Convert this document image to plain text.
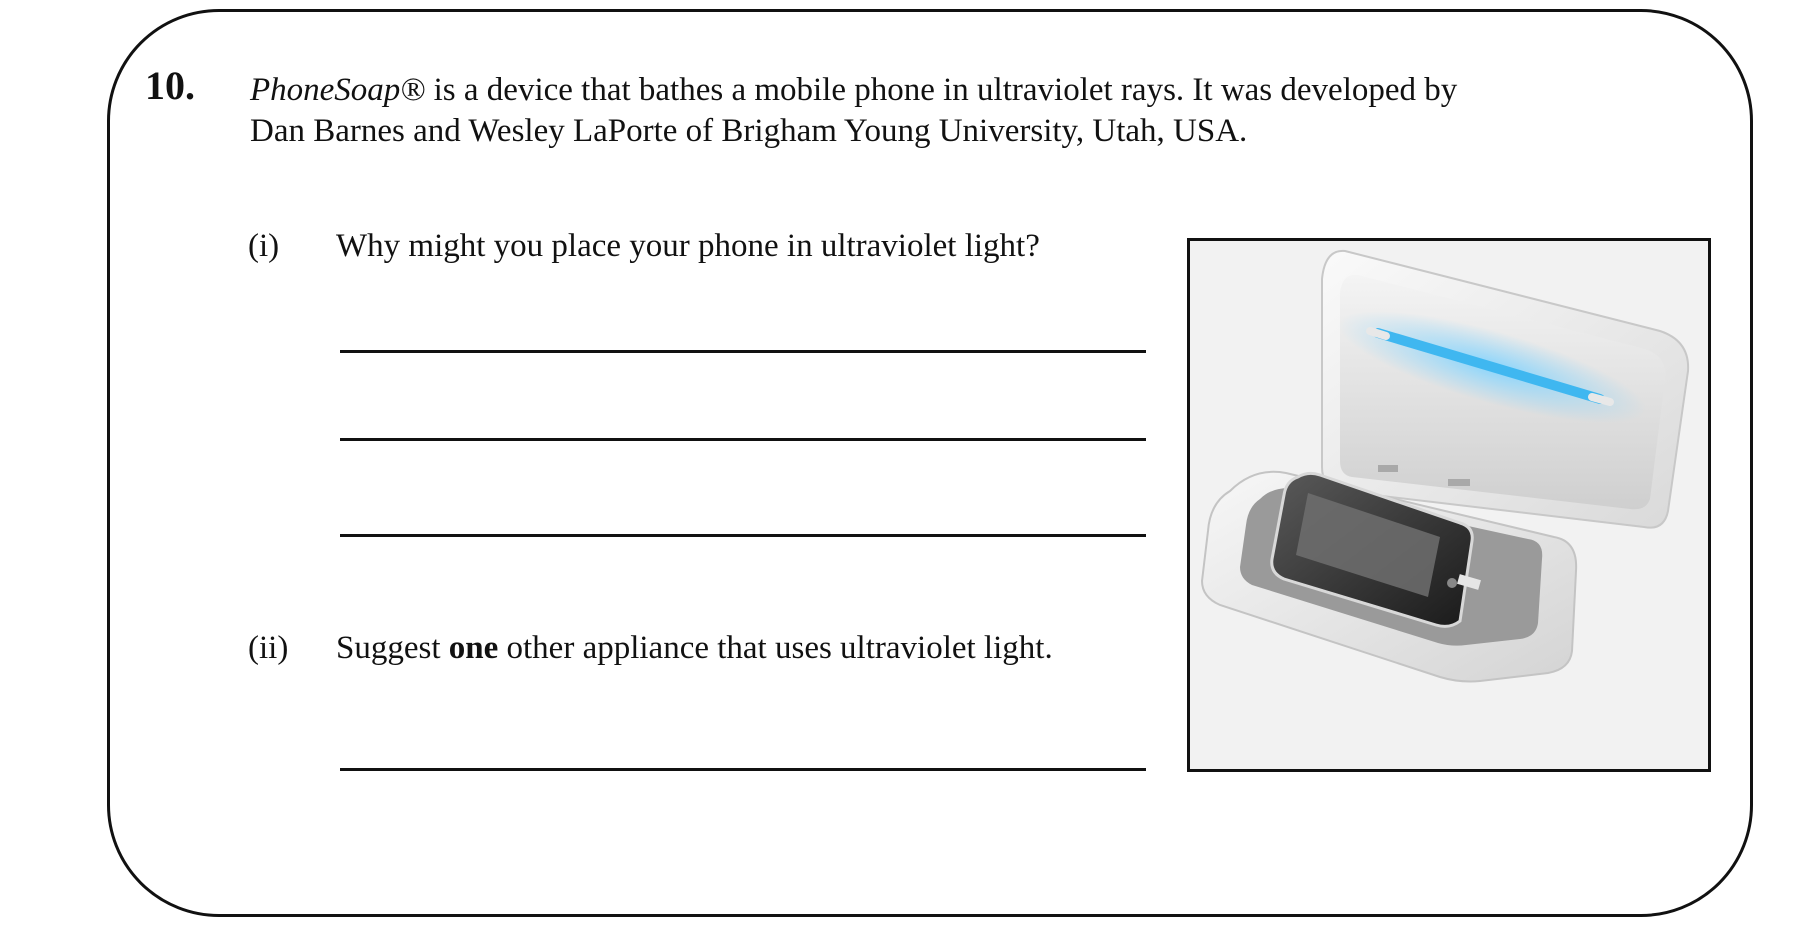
10. PhoneSoap® is a device that bathes a mobile phone in ultraviolet rays. It was developed by
Dan Barnes and Wesley LaPorte of Brigham Young University, Utah, USA.
(i) Why might you place your phone in ultraviolet light?
(ii) Suggest one other appliance that uses ultraviolet light.
